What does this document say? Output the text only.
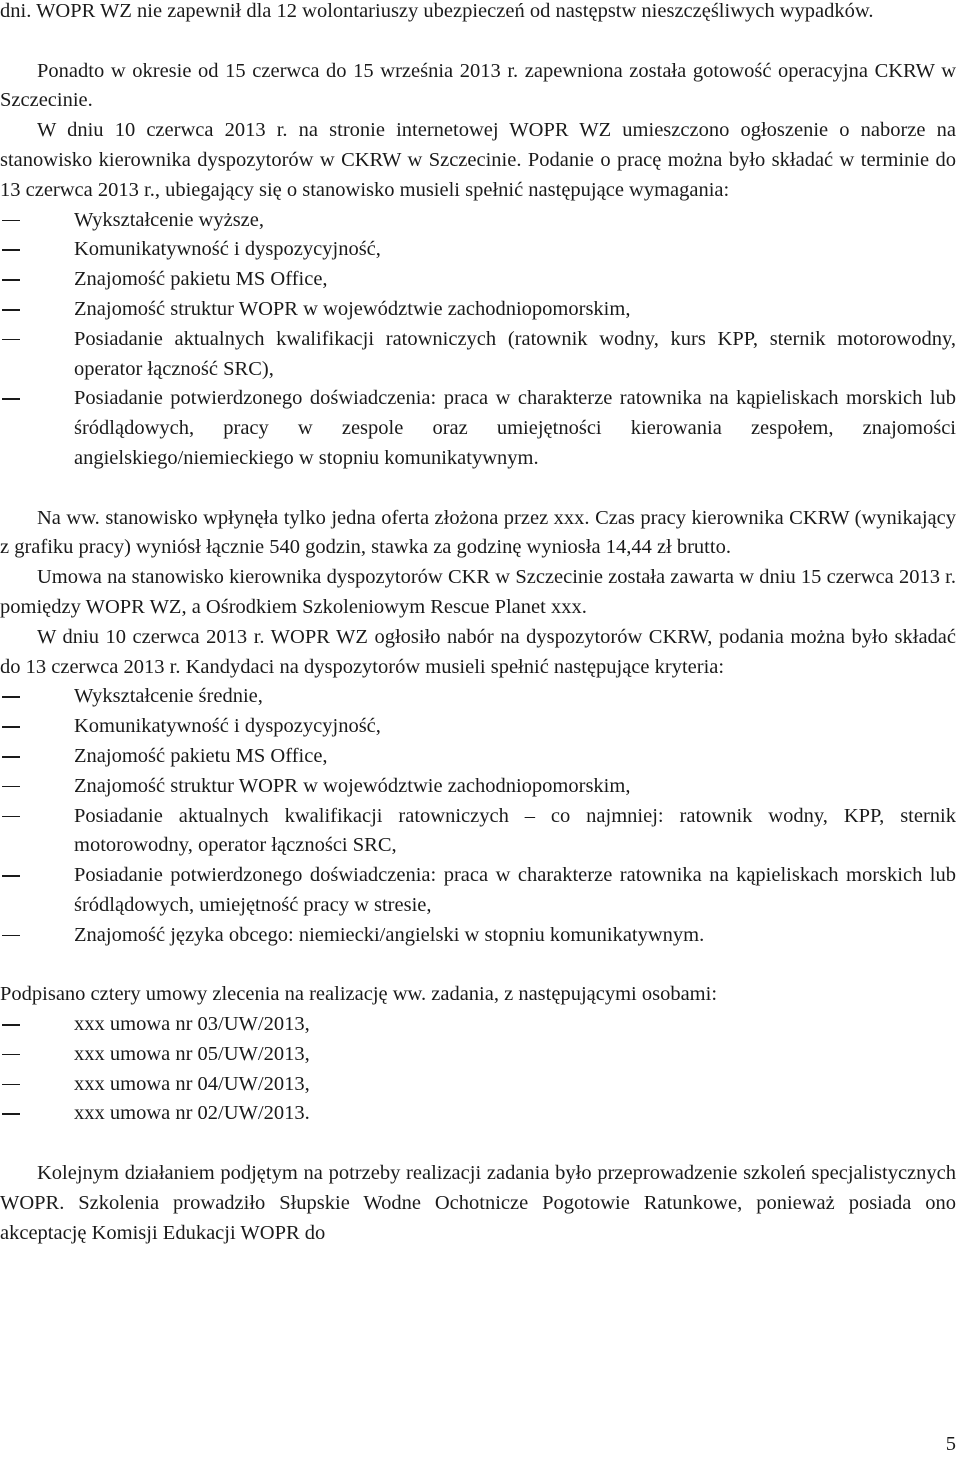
dni. WOPR WZ nie zapewnił dla 12 wolontariuszy ubezpieczeń od następstw nieszczęśliwych wypadków.

Ponadto w okresie od 15 czerwca do 15 września 2013 r. zapewniona została gotowość operacyjna CKRW w Szczecinie.

W dniu 10 czerwca 2013 r. na stronie internetowej WOPR WZ umieszczono ogłoszenie o naborze na stanowisko kierownika dyspozytorów w CKRW w Szczecinie. Podanie o pracę można było składać w terminie do 13 czerwca 2013 r., ubiegający się o stanowisko musieli spełnić następujące wymagania:

Wykształcenie wyższe,
Komunikatywność i dyspozycyjność,
Znajomość pakietu MS Office,
Znajomość struktur WOPR w województwie zachodniopomorskim,
Posiadanie aktualnych kwalifikacji ratowniczych (ratownik wodny, kurs KPP, sternik motorowodny, operator łączność SRC),
Posiadanie potwierdzonego doświadczenia: praca w charakterze ratownika na kąpieliskach morskich lub śródlądowych, pracy w zespole oraz umiejętności kierowania zespołem, znajomości angielskiego/niemieckiego w stopniu komunikatywnym.

Na ww. stanowisko wpłynęła tylko jedna oferta złożona przez xxx. Czas pracy kierownika CKRW (wynikający z grafiku pracy) wyniósł łącznie 540 godzin, stawka za godzinę wyniosła 14,44 zł brutto.

Umowa na stanowisko kierownika dyspozytorów CKR w Szczecinie została zawarta w dniu 15 czerwca 2013 r. pomiędzy WOPR WZ, a Ośrodkiem Szkoleniowym Rescue Planet xxx.

W dniu 10 czerwca 2013 r. WOPR WZ ogłosiło nabór na dyspozytorów CKRW, podania można było składać do 13 czerwca 2013 r. Kandydaci na dyspozytorów musieli spełnić następujące kryteria:

Wykształcenie średnie,
Komunikatywność i dyspozycyjność,
Znajomość pakietu MS Office,
Znajomość struktur WOPR w województwie zachodniopomorskim,
Posiadanie aktualnych kwalifikacji ratowniczych – co najmniej: ratownik wodny, KPP, sternik motorowodny, operator łączności SRC,
Posiadanie potwierdzonego doświadczenia: praca w charakterze ratownika na kąpieliskach morskich lub śródlądowych, umiejętność pracy w stresie,
Znajomość języka obcego: niemiecki/angielski w stopniu komunikatywnym.

Podpisano cztery umowy zlecenia na realizację ww. zadania, z następującymi osobami:

xxx umowa nr 03/UW/2013,
xxx umowa nr 05/UW/2013,
xxx umowa nr 04/UW/2013,
xxx umowa nr 02/UW/2013.

Kolejnym działaniem podjętym na potrzeby realizacji zadania było przeprowadzenie szkoleń specjalistycznych WOPR. Szkolenia prowadziło Słupskie Wodne Ochotnicze Pogotowie Ratunkowe, ponieważ posiada ono akceptację Komisji Edukacji WOPR do

5
